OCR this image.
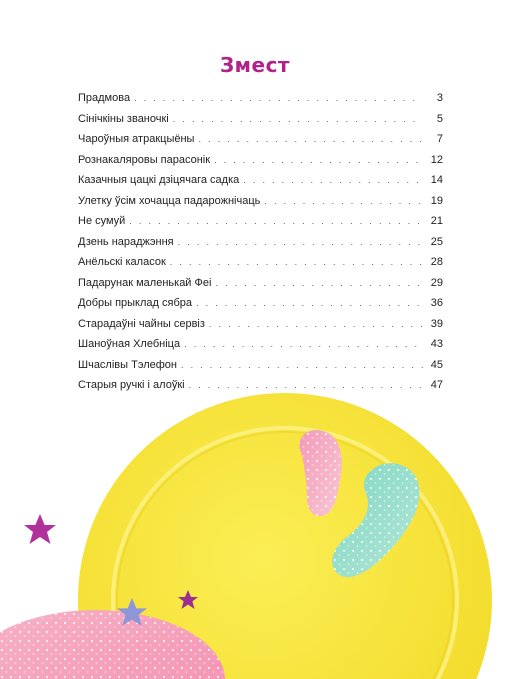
Змест
Прадмова . . .	3
Сінічкіны званочкі . . .	5
Чароўныя атракцыёны . . .	7
Рознакаляровы парасонік . . .	12
Казачныя цацкі дзіцячага садка . . .	14
Улетку ўсім хочацца падарожнічаць . . .	19
Не сумуй . . .	21
Дзень нараджэння . . .	25
Анёльскі каласок . . .	28
Падарунак маленькай Феі . . .	29
Добры прыклад сябра . . .	36
Старадаўні чайны сервіз . . .	39
Шаноўная Хлебніца . . .	43
Шчаслівы Тэлефон . . .	45
Старыя ручкі і алоўкі . . .	47
